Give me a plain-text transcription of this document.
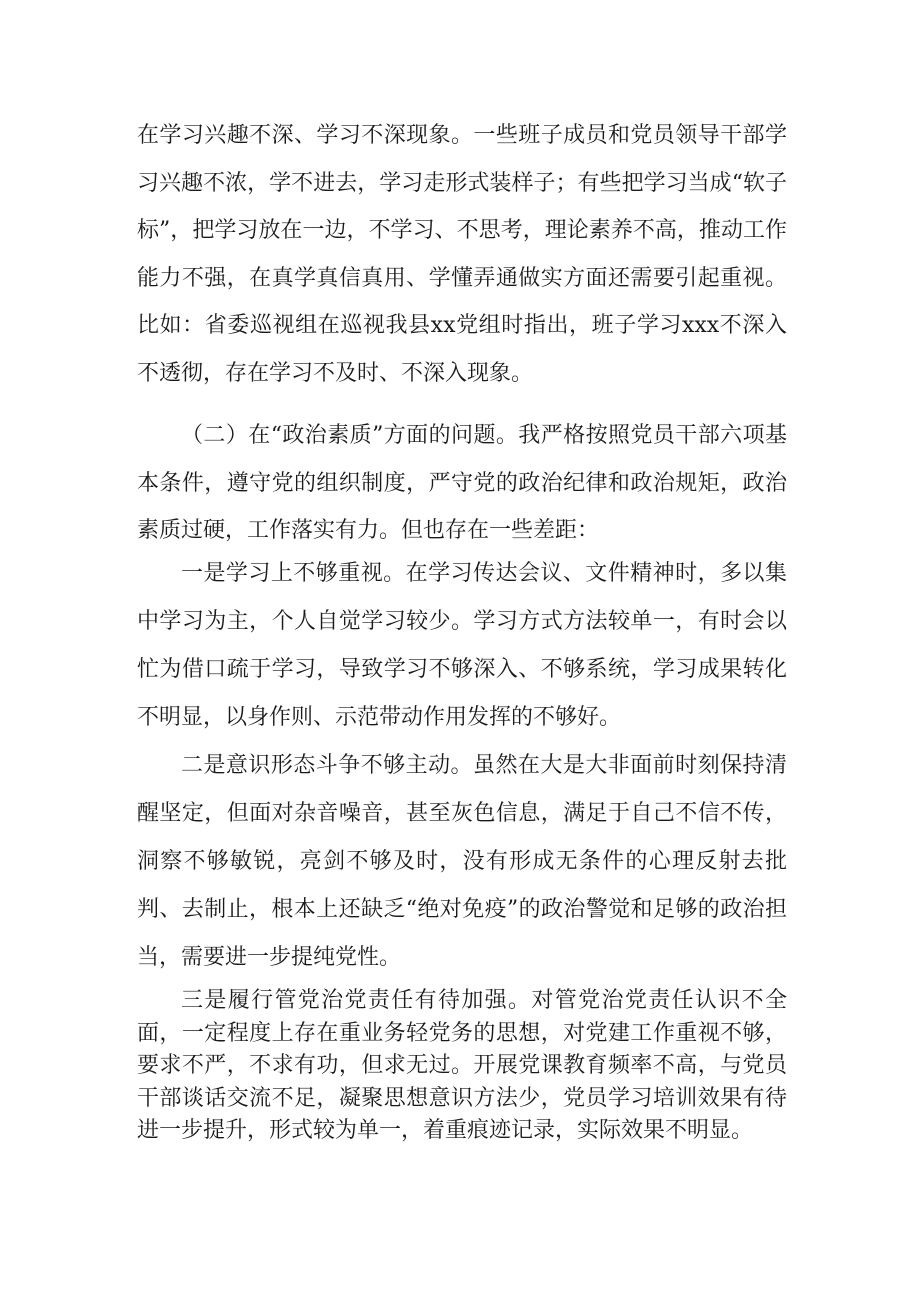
在学习兴趣不深、学习不深现象。一些班子成员和党员领导干部学习兴趣不浓，学不进去，学习走形式装样子；有些把学习当成“软子标”，把学习放在一边，不学习、不思考，理论素养不高，推动工作能力不强，在真学真信真用、学懂弄通做实方面还需要引起重视。比如：省委巡视组在巡视我县xx党组时指出，班子学习xxx不深入不透彻，存在学习不及时、不深入现象。

（二）在“政治素质”方面的问题。我严格按照党员干部六项基本条件，遵守党的组织制度，严守党的政治纪律和政治规矩，政治素质过硬，工作落实有力。但也存在一些差距：

一是学习上不够重视。在学习传达会议、文件精神时，多以集中学习为主，个人自觉学习较少。学习方式方法较单一，有时会以忙为借口疏于学习，导致学习不够深入、不够系统，学习成果转化不明显，以身作则、示范带动作用发挥的不够好。

二是意识形态斗争不够主动。虽然在大是大非面前时刻保持清醒坚定，但面对杂音噪音，甚至灰色信息，满足于自己不信不传，洞察不够敏锐，亮剑不够及时，没有形成无条件的心理反射去批判、去制止，根本上还缺乏“绝对免疫”的政治警觉和足够的政治担当，需要进一步提纯党性。

三是履行管党治党责任有待加强。对管党治党责任认识不全面，一定程度上存在重业务轻党务的思想，对党建工作重视不够，要求不严，不求有功，但求无过。开展党课教育频率不高，与党员干部谈话交流不足，凝聚思想意识方法少，党员学习培训效果有待进一步提升，形式较为单一，着重痕迹记录，实际效果不明显。
